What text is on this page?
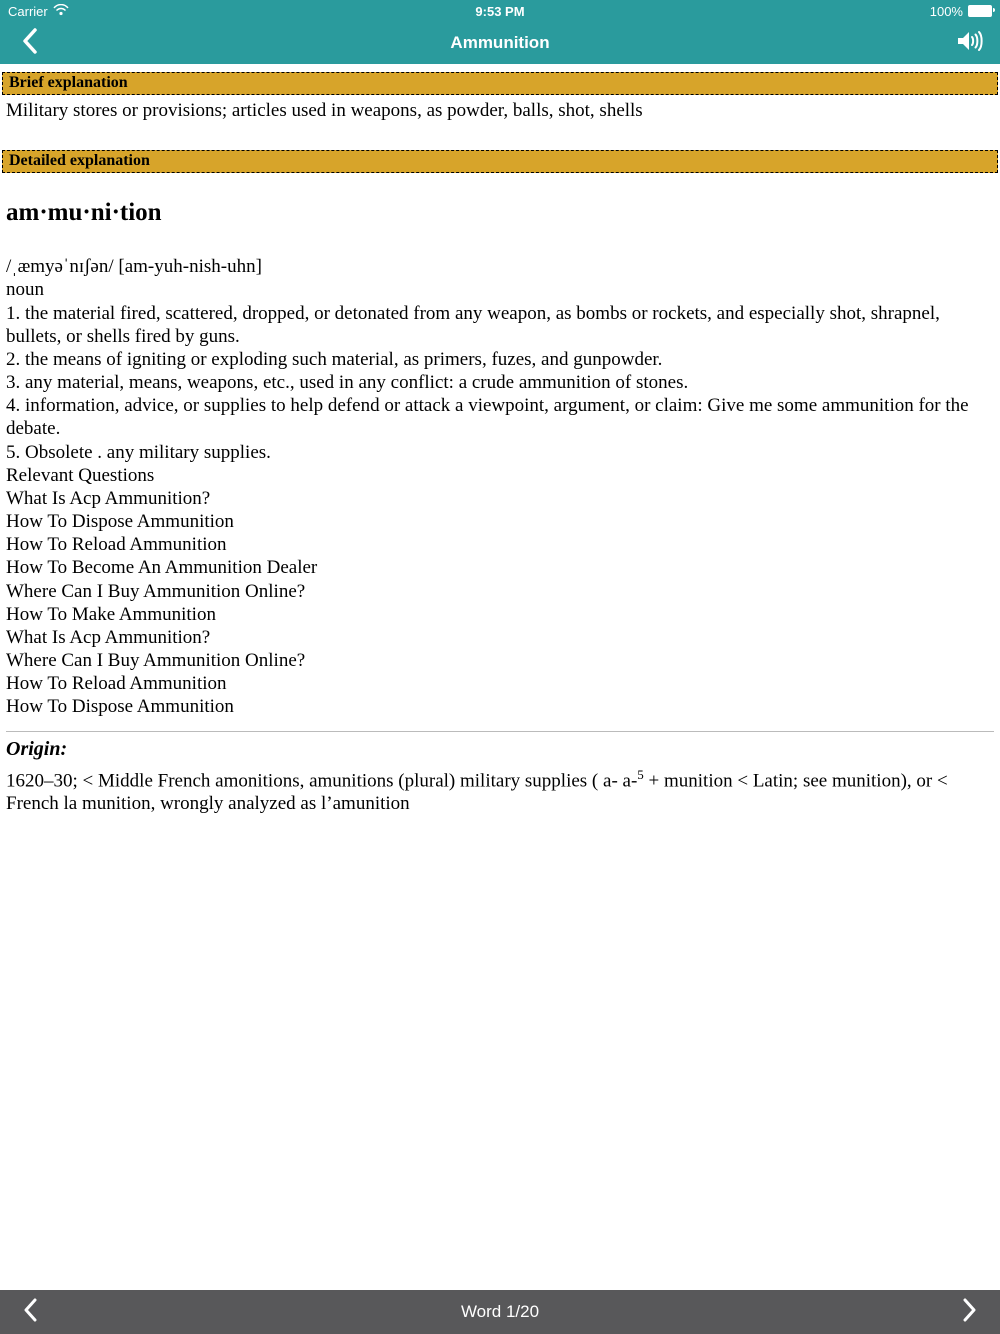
Carrier	9:53 PM	100%
Ammunition
Brief explanation
Military stores or provisions; articles used in weapons, as powder, balls, shot, shells
Detailed explanation
am·mu·ni·tion
/ˌæmyəˈnɪʃən/ [am-yuh-nish-uhn]
noun

1. the material fired, scattered, dropped, or detonated from any weapon, as bombs or rockets, and especially shot, shrapnel, bullets, or shells fired by guns.

2. the means of igniting or exploding such material, as primers, fuzes, and gunpowder.

3. any material, means, weapons, etc., used in any conflict: a crude ammunition of stones.

4. information, advice, or supplies to help defend or attack a viewpoint, argument, or claim: Give me some ammunition for the debate.

5. Obsolete . any military supplies.

Relevant Questions

What Is Acp Ammunition?

How To Dispose Ammunition

How To Reload Ammunition

How To Become An Ammunition Dealer

Where Can I Buy Ammunition Online?

How To Make Ammunition

What Is Acp Ammunition?

Where Can I Buy Ammunition Online?

How To Reload Ammunition

How To Dispose Ammunition

Origin:
1620–30; < Middle French amonitions, amunitions (plural) military supplies ( a- a-$^5$ + munition < Latin; see munition), or < French la munition, wrongly analyzed as l’amunition
Word 1/20
